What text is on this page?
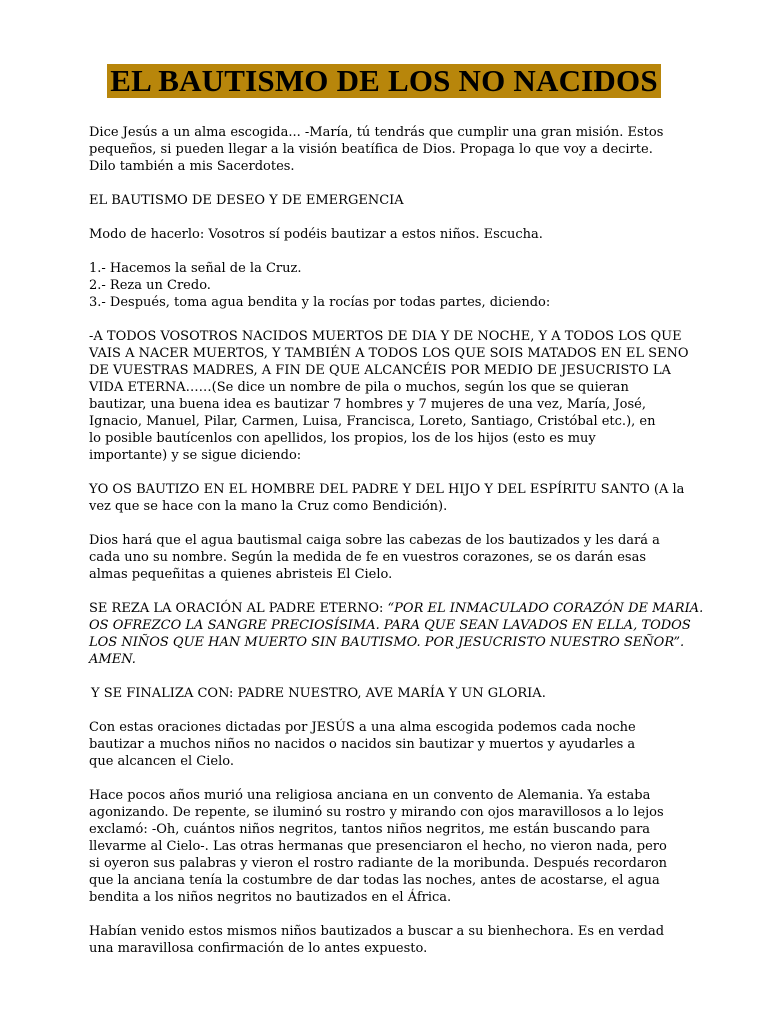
EL BAUTISMO DE LOS NO NACIDOS

Dice Jesús a un alma escogida... -María, tú tendrás que cumplir una gran misión. Estos
pequeños, si pueden llegar a la visión beatífica de Dios. Propaga lo que voy a decirte.
Dilo también a mis Sacerdotes.

EL BAUTISMO DE DESEO Y DE EMERGENCIA

Modo de hacerlo: Vosotros sí podéis bautizar a estos niños. Escucha.

1.- Hacemos la señal de la Cruz.
2.- Reza un Credo.
3.- Después, toma agua bendita y la rocías por todas partes, diciendo:

-A TODOS VOSOTROS NACIDOS MUERTOS DE DIA Y DE NOCHE, Y A TODOS LOS QUE
VAIS A NACER MUERTOS, Y TAMBIÉN A TODOS LOS QUE SOIS MATADOS EN EL SENO
DE VUESTRAS MADRES, A FIN DE QUE ALCANCÉIS POR MEDIO DE JESUCRISTO LA
VIDA ETERNA……(Se dice un nombre de pila o muchos, según los que se quieran
bautizar, una buena idea es bautizar 7 hombres y 7 mujeres de una vez, María, José,
Ignacio, Manuel, Pilar, Carmen, Luisa, Francisca, Loreto, Santiago, Cristóbal etc.), en
lo posible bautícenlos con apellidos, los propios, los de los hijos (esto es muy
importante) y se sigue diciendo:

YO OS BAUTIZO EN EL HOMBRE DEL PADRE Y DEL HIJO Y DEL ESPÍRITU SANTO (A la
vez que se hace con la mano la Cruz como Bendición).

Dios hará que el agua bautismal caiga sobre las cabezas de los bautizados y les dará a
cada uno su nombre. Según la medida de fe en vuestros corazones, se os darán esas
almas pequeñitas a quienes abristeis El Cielo.

SE REZA LA ORACIÓN AL PADRE ETERNO: “POR EL INMACULADO CORAZÓN DE MARIA.
OS OFREZCO LA SANGRE PRECIOSÍSIMA. PARA QUE SEAN LAVADOS EN ELLA, TODOS
LOS NIÑOS QUE HAN MUERTO SIN BAUTISMO. POR JESUCRISTO NUESTRO SEÑOR”.
AMEN.

Y SE FINALIZA CON: PADRE NUESTRO, AVE MARÍA Y UN GLORIA.

Con estas oraciones dictadas por JESÚS a una alma escogida podemos cada noche
bautizar a muchos niños no nacidos o nacidos sin bautizar y muertos y ayudarles a
que alcancen el Cielo.

Hace pocos años murió una religiosa anciana en un convento de Alemania. Ya estaba
agonizando. De repente, se iluminó su rostro y mirando con ojos maravillosos a lo lejos
exclamó: -Oh, cuántos niños negritos, tantos niños negritos, me están buscando para
llevarme al Cielo-. Las otras hermanas que presenciaron el hecho, no vieron nada, pero
si oyeron sus palabras y vieron el rostro radiante de la moribunda. Después recordaron
que la anciana tenía la costumbre de dar todas las noches, antes de acostarse, el agua
bendita a los niños negritos no bautizados en el África.

Habían venido estos mismos niños bautizados a buscar a su bienhechora. Es en verdad
una maravillosa confirmación de lo antes expuesto.
